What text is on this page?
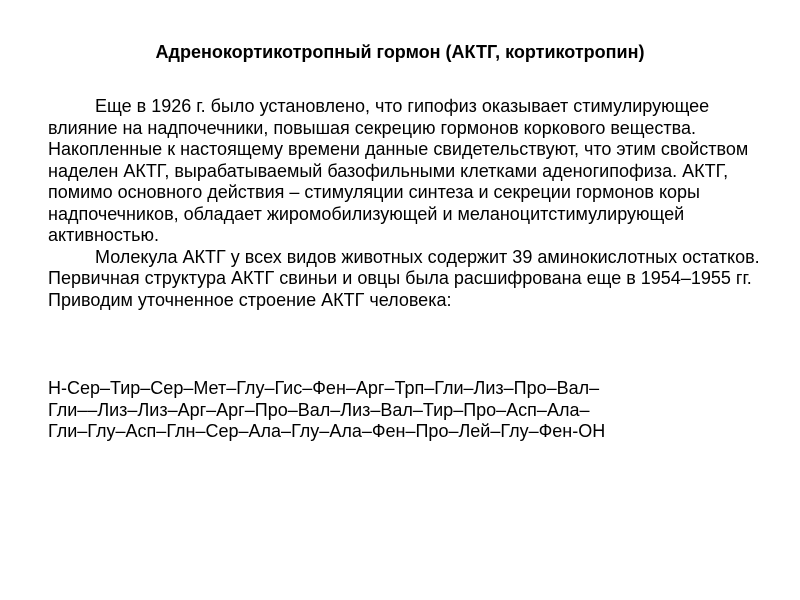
Адренокортикотропный гормон (АКТГ, кортикотропин)

Еще в 1926 г. было установлено, что гипофиз оказывает стимулирующее влияние на надпочечники, повышая секрецию гормонов коркового вещества. Накопленные к настоящему времени данные свидетельствуют, что этим свойством наделен АКТГ, вырабатываемый базофильными клетками аденогипофиза. АКТГ, помимо основного действия – стимуляции синтеза и секреции гормонов коры надпочечников, обладает жиромобилизующей и меланоцитстимулирующей активностью.

Молекула АКТГ у всех видов животных содержит 39 аминокислотных остатков. Первичная структура АКТГ свиньи и овцы была расшифрована еще в 1954–1955 гг. Приводим уточненное строение АКТГ человека:

Н-Сер–Тир–Сер–Мет–Глу–Гис–Фен–Арг–Трп–Гли–Лиз–Про–Вал–
Гли––Лиз–Лиз–Арг–Арг–Про–Вал–Лиз–Вал–Тир–Про–Асп–Ала–
Гли–Глу–Асп–Глн–Сер–Ала–Глу–Ала–Фен–Про–Лей–Глу–Фен-ОН
